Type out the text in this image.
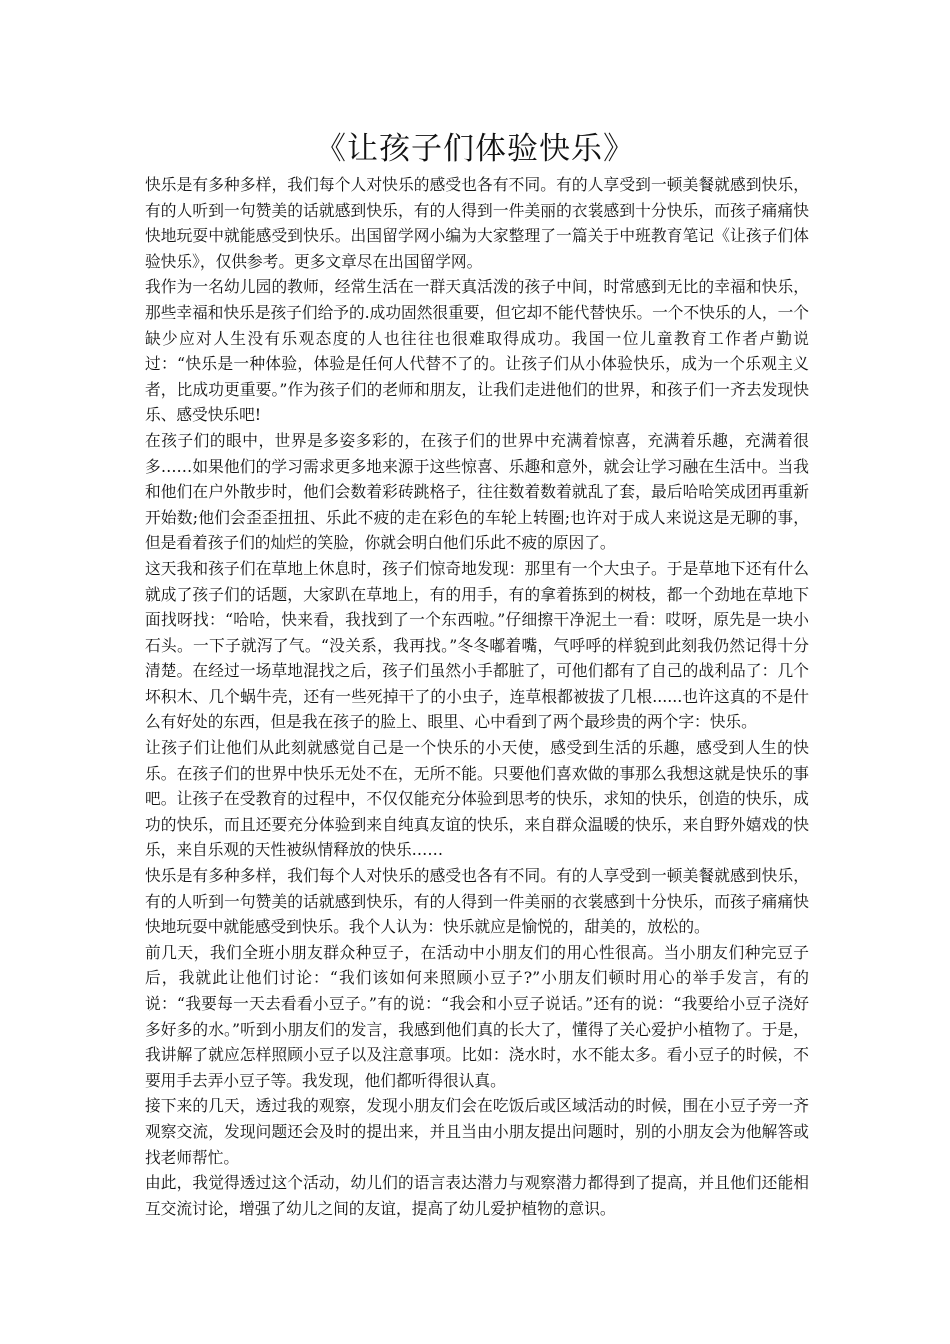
《让孩子们体验快乐》

快乐是有多种多样，我们每个人对快乐的感受也各有不同。有的人享受到一顿美餐就感到快乐，有的人听到一句赞美的话就感到快乐，有的人得到一件美丽的衣裳感到十分快乐，而孩子痛痛快快地玩耍中就能感受到快乐。出国留学网小编为大家整理了一篇关于中班教育笔记《让孩子们体验快乐》，仅供参考。更多文章尽在出国留学网。

我作为一名幼儿园的教师，经常生活在一群天真活泼的孩子中间，时常感到无比的幸福和快乐，那些幸福和快乐是孩子们给予的.成功固然很重要，但它却不能代替快乐。一个不快乐的人，一个缺少应对人生没有乐观态度的人也往往也很难取得成功。我国一位儿童教育工作者卢勤说过：“快乐是一种体验，体验是任何人代替不了的。让孩子们从小体验快乐，成为一个乐观主义者，比成功更重要。”作为孩子们的老师和朋友，让我们走进他们的世界，和孩子们一齐去发现快乐、感受快乐吧!

在孩子们的眼中，世界是多姿多彩的，在孩子们的世界中充满着惊喜，充满着乐趣，充满着很多……如果他们的学习需求更多地来源于这些惊喜、乐趣和意外，就会让学习融在生活中。当我和他们在户外散步时，他们会数着彩砖跳格子，往往数着数着就乱了套，最后哈哈笑成团再重新开始数;他们会歪歪扭扭、乐此不疲的走在彩色的车轮上转圈;也许对于成人来说这是无聊的事，但是看着孩子们的灿烂的笑脸，你就会明白他们乐此不疲的原因了。

这天我和孩子们在草地上休息时，孩子们惊奇地发现：那里有一个大虫子。于是草地下还有什么就成了孩子们的话题，大家趴在草地上，有的用手，有的拿着拣到的树枝，都一个劲地在草地下面找呀找：“哈哈，快来看，我找到了一个东西啦。”仔细擦干净泥土一看：哎呀，原先是一块小石头。一下子就泻了气。“没关系，我再找。”冬冬嘟着嘴，气呼呼的样貌到此刻我仍然记得十分清楚。在经过一场草地混找之后，孩子们虽然小手都脏了，可他们都有了自己的战利品了：几个坏积木、几个蜗牛壳，还有一些死掉干了的小虫子，连草根都被拔了几根......也许这真的不是什么有好处的东西，但是我在孩子的脸上、眼里、心中看到了两个最珍贵的两个字：快乐。

让孩子们让他们从此刻就感觉自己是一个快乐的小天使，感受到生活的乐趣，感受到人生的快乐。在孩子们的世界中快乐无处不在，无所不能。只要他们喜欢做的事那么我想这就是快乐的事吧。让孩子在受教育的过程中，不仅仅能充分体验到思考的快乐，求知的快乐，创造的快乐，成功的快乐，而且还要充分体验到来自纯真友谊的快乐，来自群众温暖的快乐，来自野外嬉戏的快乐，来自乐观的天性被纵情释放的快乐……

快乐是有多种多样，我们每个人对快乐的感受也各有不同。有的人享受到一顿美餐就感到快乐，有的人听到一句赞美的话就感到快乐，有的人得到一件美丽的衣裳感到十分快乐，而孩子痛痛快快地玩耍中就能感受到快乐。我个人认为：快乐就应是愉悦的，甜美的，放松的。

前几天，我们全班小朋友群众种豆子，在活动中小朋友们的用心性很高。当小朋友们种完豆子后，我就此让他们讨论：“我们该如何来照顾小豆子?”小朋友们顿时用心的举手发言，有的说：“我要每一天去看看小豆子。”有的说：“我会和小豆子说话。”还有的说：“我要给小豆子浇好多好多的水。”听到小朋友们的发言，我感到他们真的长大了，懂得了关心爱护小植物了。于是，我讲解了就应怎样照顾小豆子以及注意事项。比如：浇水时，水不能太多。看小豆子的时候，不要用手去弄小豆子等。我发现，他们都听得很认真。

接下来的几天，透过我的观察，发现小朋友们会在吃饭后或区域活动的时候，围在小豆子旁一齐观察交流，发现问题还会及时的提出来，并且当由小朋友提出问题时，别的小朋友会为他解答或找老师帮忙。

由此，我觉得透过这个活动，幼儿们的语言表达潜力与观察潜力都得到了提高，并且他们还能相互交流讨论，增强了幼儿之间的友谊，提高了幼儿爱护植物的意识。
